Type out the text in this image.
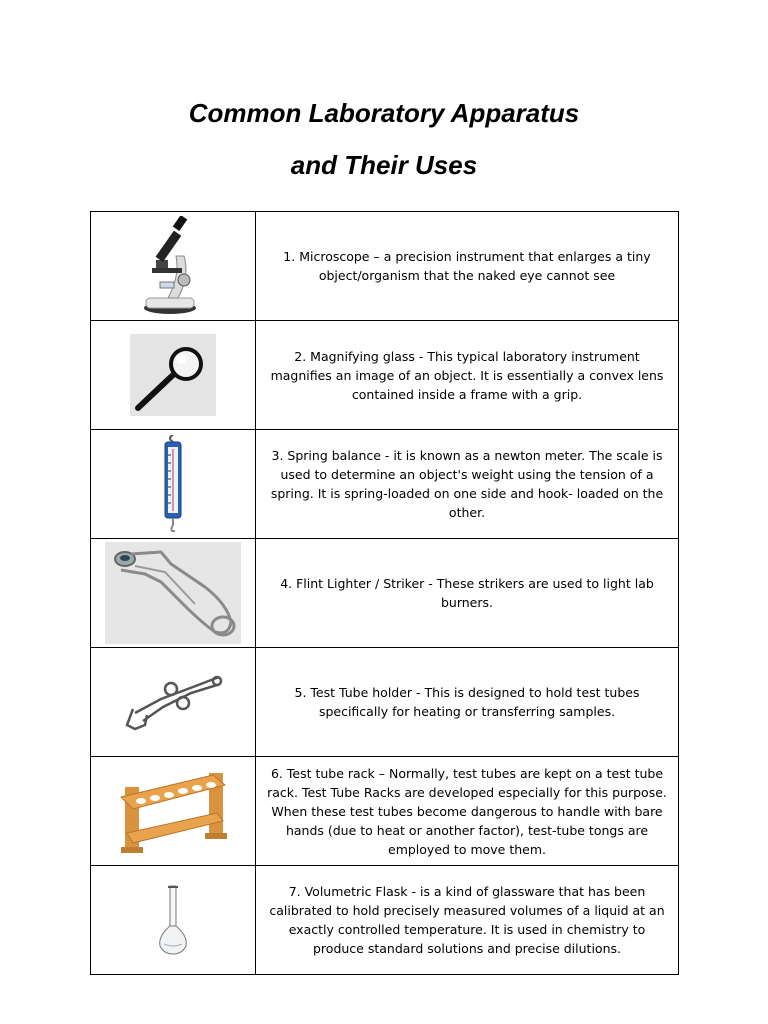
Common Laboratory Apparatus
and Their Uses
	1. Microscope – a precision instrument that enlarges a tiny object/organism that the naked eye cannot see

	2. Magnifying glass - This typical laboratory instrument magnifies an image of an object. It is essentially a convex lens contained inside a frame with a grip.

	3. Spring balance - it is known as a newton meter. The scale is used to determine an object's weight using the tension of a spring. It is spring-loaded on one side and hook- loaded on the other.

	4. Flint Lighter / Striker - These strikers are used to light lab burners.

	5. Test Tube holder - This is designed to hold test tubes specifically for heating or transferring samples.

	6. Test tube rack – Normally, test tubes are kept on a test tube rack. Test Tube Racks are developed especially for this purpose. When these test tubes become dangerous to handle with bare hands (due to heat or another factor), test-tube tongs are employed to move them.

	7. Volumetric Flask - is a kind of glassware that has been calibrated to hold precisely measured volumes of a liquid at an exactly controlled temperature. It is used in chemistry to produce standard solutions and precise dilutions.
